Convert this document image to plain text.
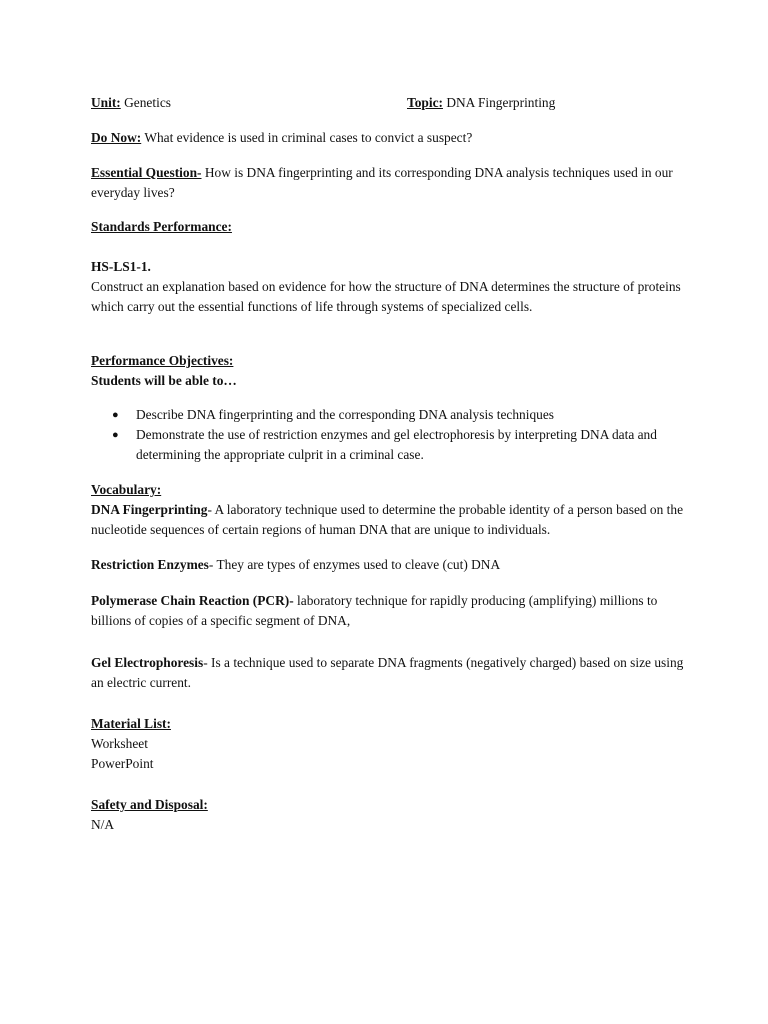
Unit: Genetics	Topic: DNA Fingerprinting

Do Now: What evidence is used in criminal cases to convict a suspect?

Essential Question- How is DNA fingerprinting and its corresponding DNA analysis techniques used in our everyday lives?

Standards Performance:

HS-LS1-1.

Construct an explanation based on evidence for how the structure of DNA determines the structure of proteins which carry out the essential functions of life through systems of specialized cells.

Performance Objectives:

Students will be able to…

● Describe DNA fingerprinting and the corresponding DNA analysis techniques
● Demonstrate the use of restriction enzymes and gel electrophoresis by interpreting DNA data and determining the appropriate culprit in a criminal case.

Vocabulary:

DNA Fingerprinting- A laboratory technique used to determine the probable identity of a person based on the nucleotide sequences of certain regions of human DNA that are unique to individuals.

Restriction Enzymes- They are types of enzymes used to cleave (cut) DNA

Polymerase Chain Reaction (PCR)- laboratory technique for rapidly producing (amplifying) millions to billions of copies of a specific segment of DNA,

Gel Electrophoresis- Is a technique used to separate DNA fragments (negatively charged) based on size using an electric current.

Material List:

Worksheet

PowerPoint

Safety and Disposal:

N/A
